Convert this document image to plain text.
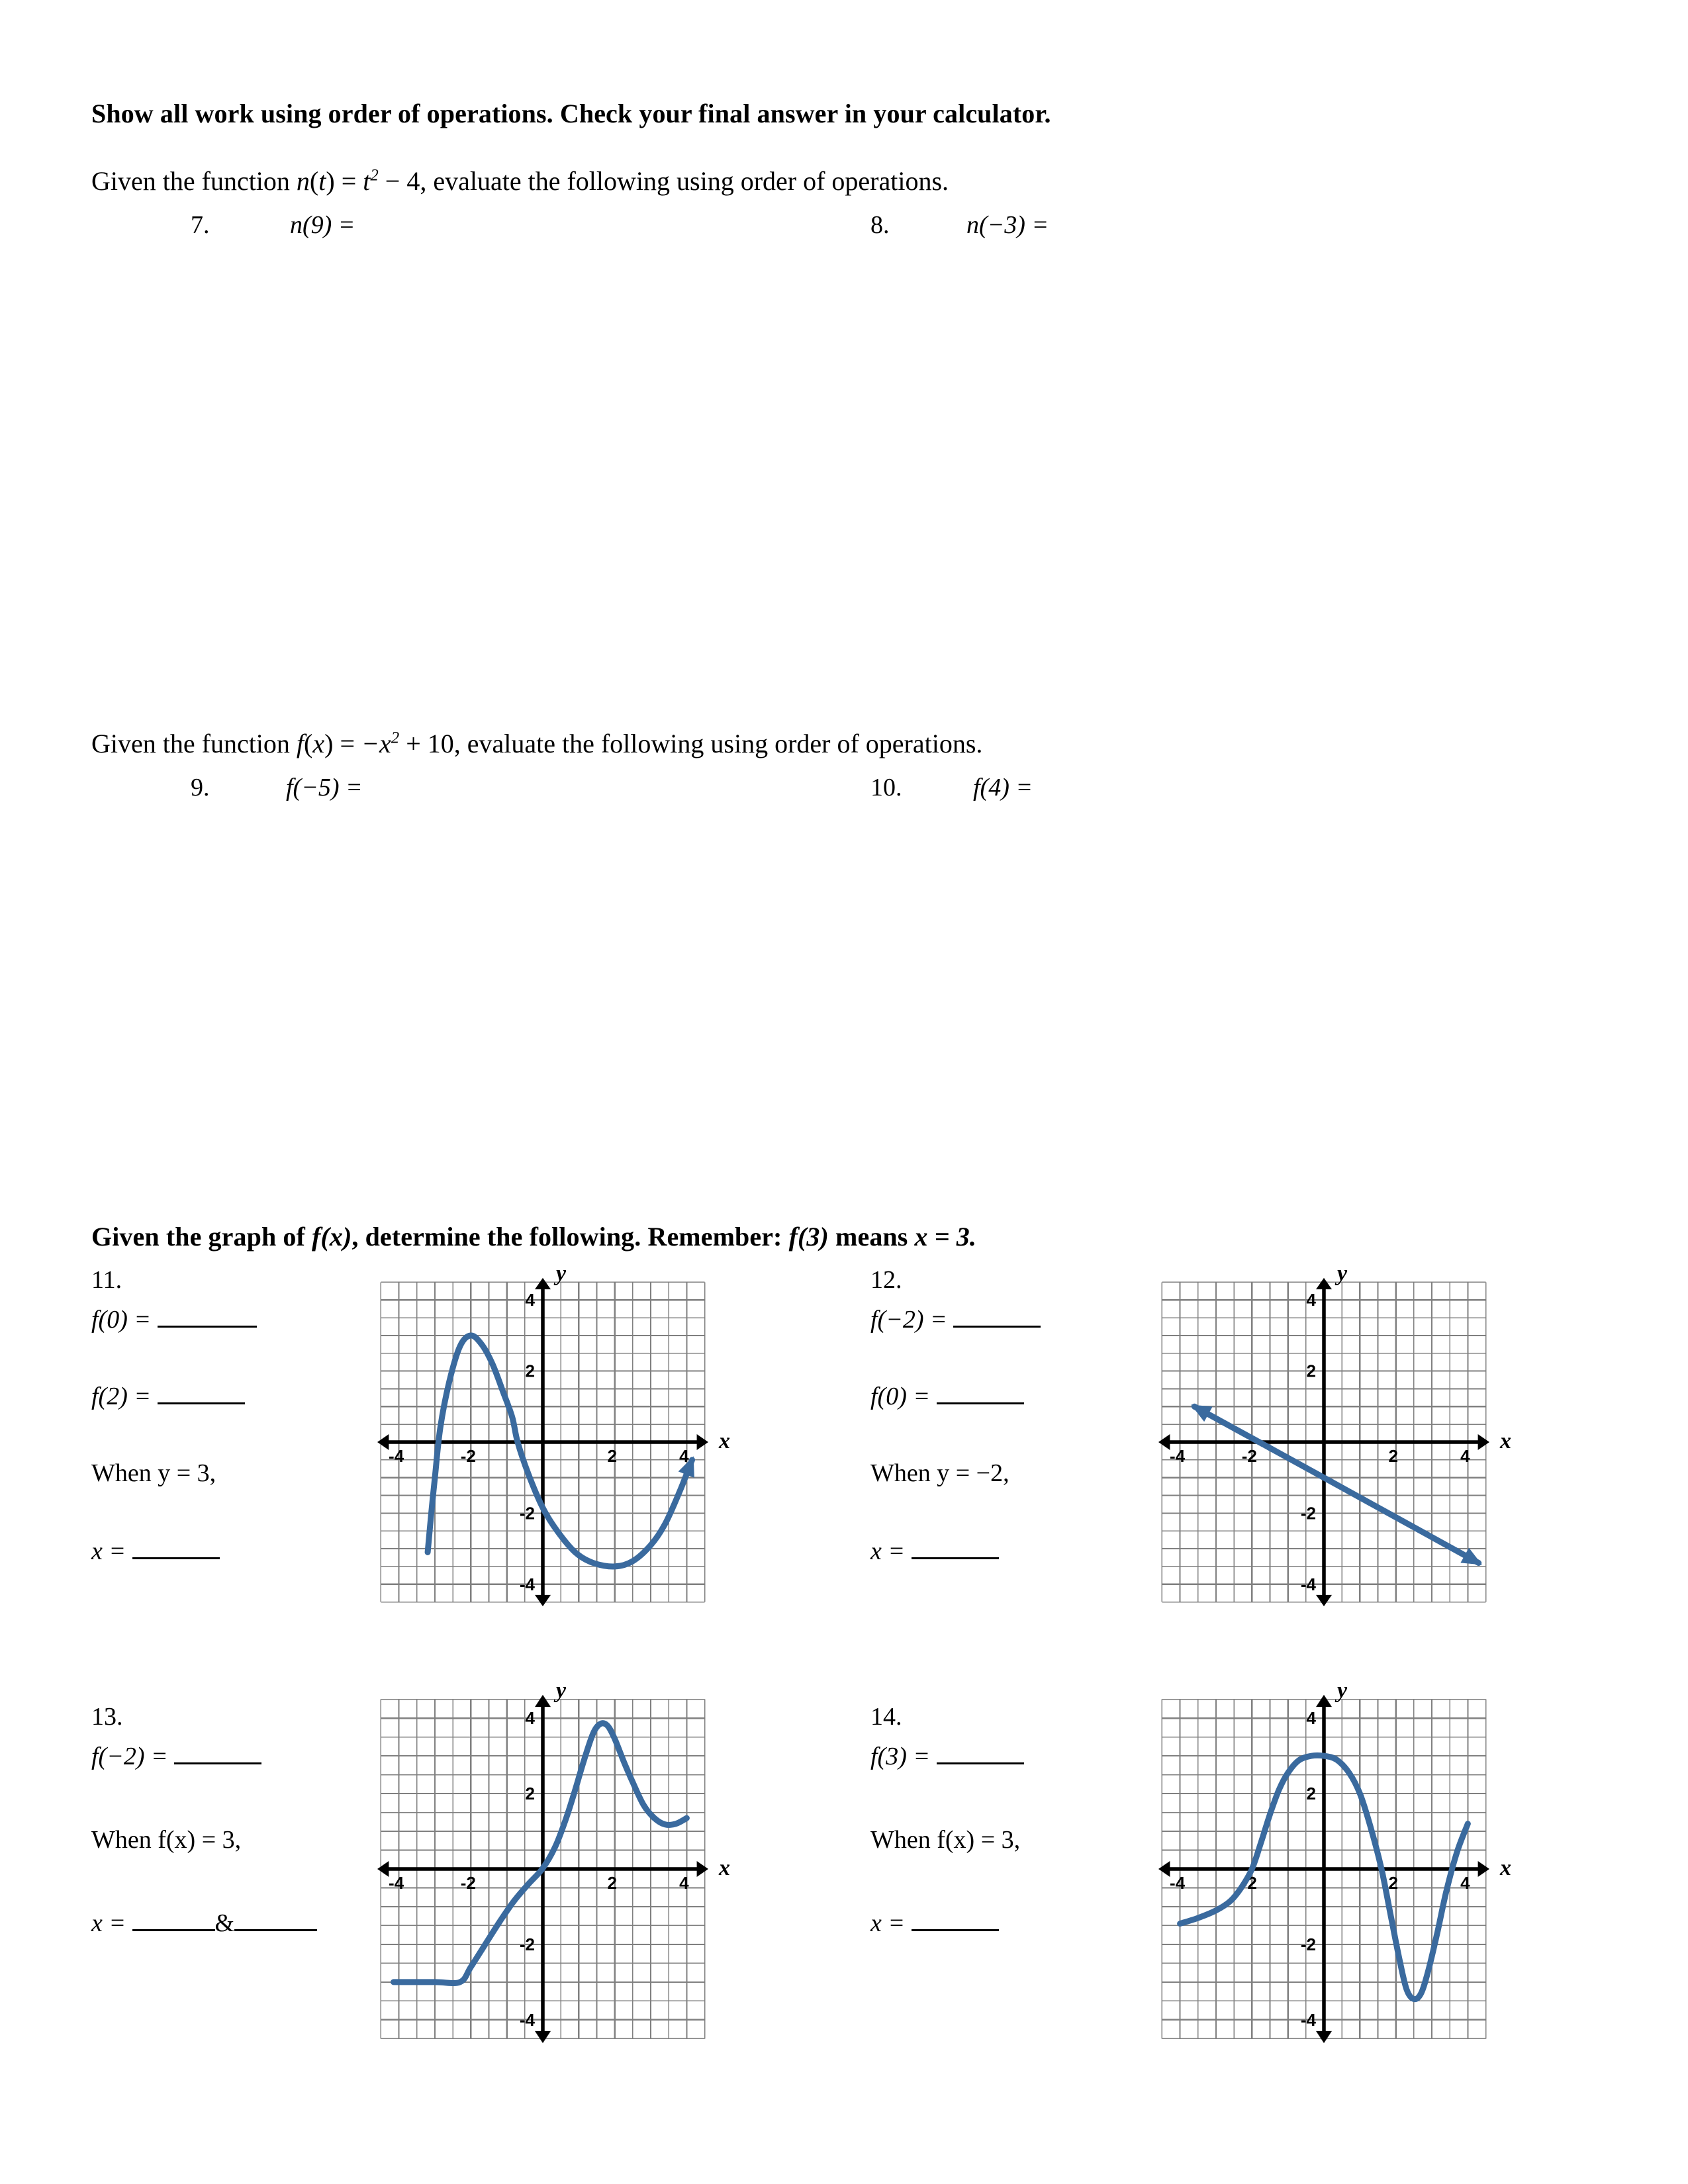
Show all work using order of operations. Check your final answer in your calculator.
Given the function $n(t) = t^2 - 4$, evaluate the following using order of operations.
7.	n(9) =	8.	n(−3) =
Given the function $f(x) = -x^2 + 10$, evaluate the following using order of operations.
9.	f(−5) =	10.	f(4) =
Given the graph of f(x), determine the following. Remember: f(3) means x = 3.
11.
f(0) =
f(2) =
When y = 3,
x =
12.
f(−2) =
f(0) =
When y = −2,
x =
13.
f(−2) =
When f(x) = 3,
x =	&
14.
f(3) =
When f(x) = 3,
x =
-4	-2	2	4
-4
-2
2
4
x
y
-4	-2	2	4
-4
-2
2
4
x
y
-4	-2	2	4
-4
-2
2
4
x
y
-4	-2	2	4
-4
-2
2
4
x
y
